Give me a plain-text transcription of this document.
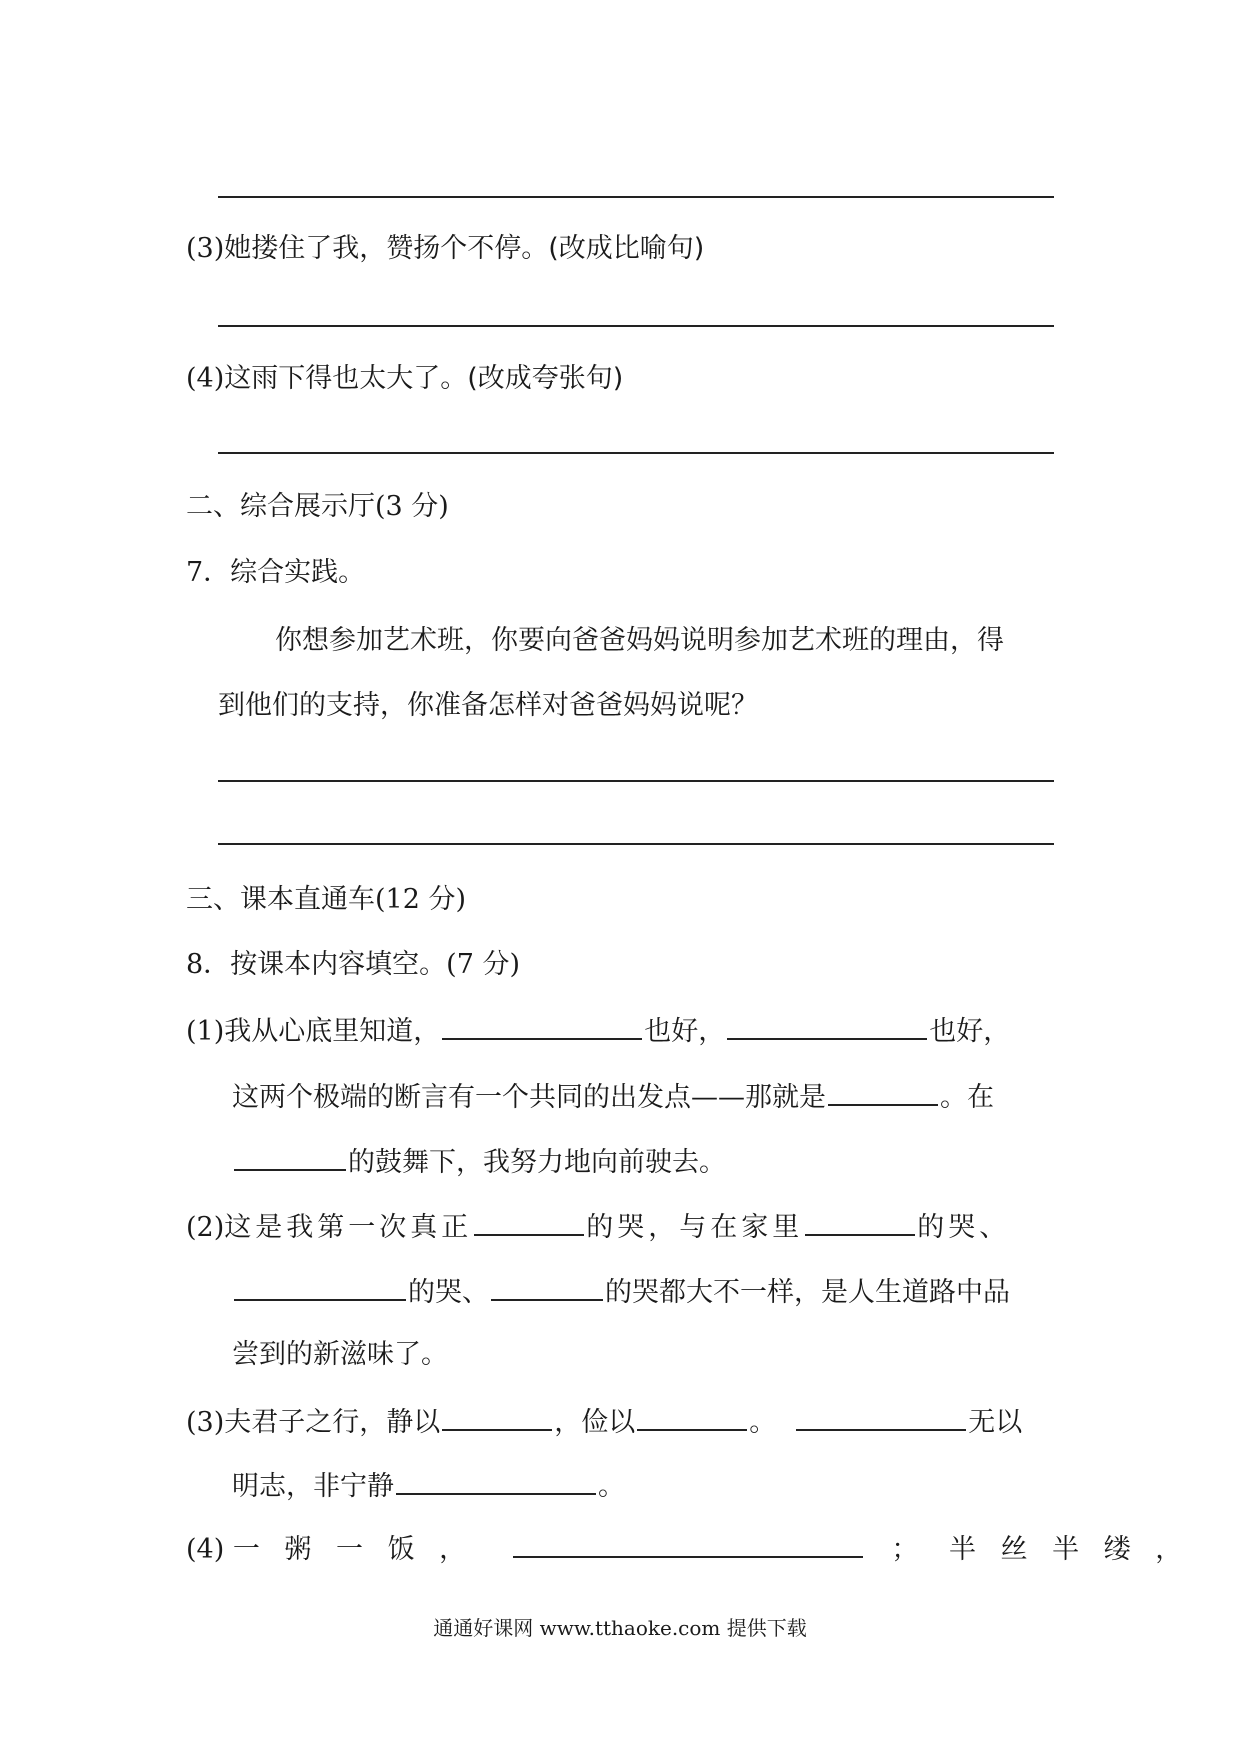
(3)她搂住了我，赞扬个不停。(改成比喻句)
(4)这雨下得也太大了。(改成夸张句)
二、综合展示厅(3 分)
7．综合实践。
你想参加艺术班，你要向爸爸妈妈说明参加艺术班的理由，得
到他们的支持，你准备怎样对爸爸妈妈说呢？
三、课本直通车(12 分)
8．按课本内容填空。(7 分)
(1)我从心底里知道，	也好，	也好，
这两个极端的断言有一个共同的出发点——那就是	。在
的鼓舞下，我努力地向前驶去。
(2)这是我第一次真正	的哭，与在家里	的哭、
的哭、	的哭都大不一样，是人生道路中品
尝到的新滋味了。
(3)夫君子之行，静以	，俭以	。	无以
明志，非宁静	。
(4) 一 粥 一 饭 ，	； 半 丝 半 缕 ，
通通好课网 www.tthaoke.com 提供下载
